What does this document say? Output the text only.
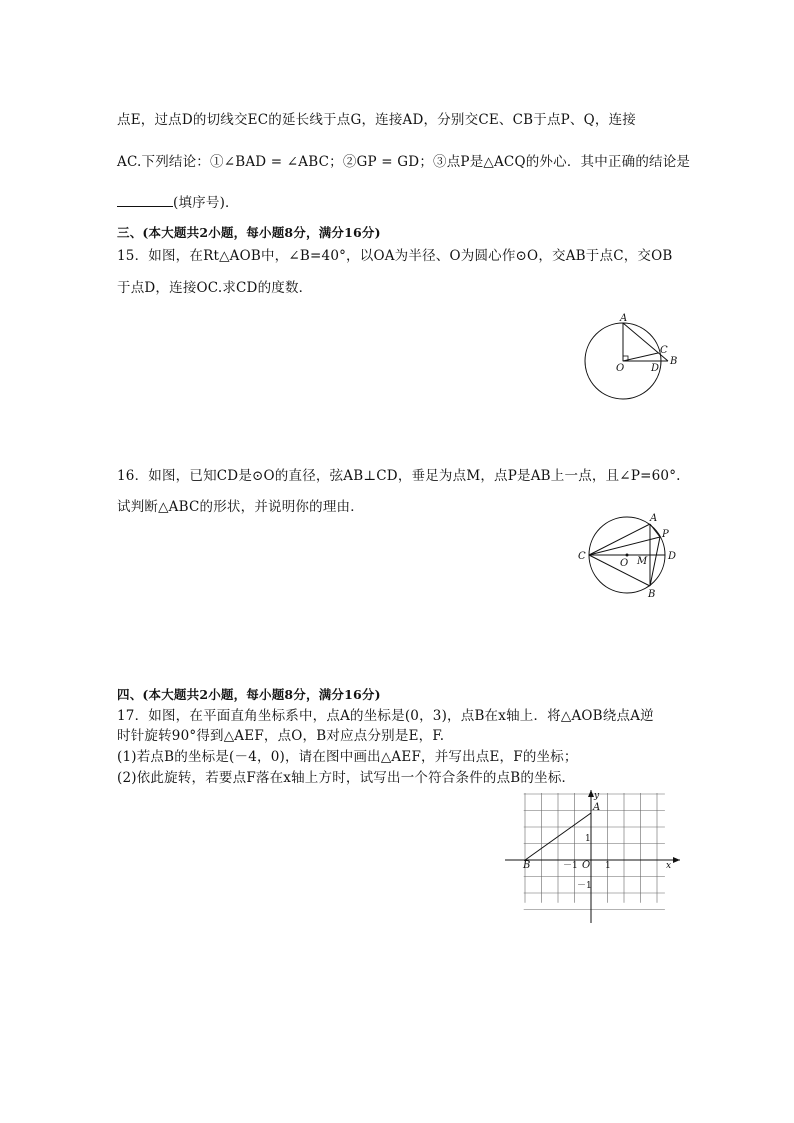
点E，过点D的切线交EC的延长线于点G，连接AD，分别交CE、CB于点P、Q，连接
AC.下列结论：①∠BAD = ∠ABC；②GP = GD；③点P是△ACQ的外心．其中正确的结论是
(填序号)．
三、(本大题共2小题，每小题8分，满分16分)
15．如图，在Rt△AOB中，∠B=40°，以OA为半径、O为圆心作⊙O，交AB于点C，交OB
于点D，连接OC.求CD的度数．
A
C
B
O	D
16．如图，已知CD是⊙O的直径，弦AB⊥CD，垂足为点M，点P是AB上一点，且∠P=60°.
试判断△ABC的形状，并说明你的理由．
A
P
C
O M D
B
四、(本大题共2小题，每小题8分，满分16分)
17．如图，在平面直角坐标系中，点A的坐标是(0，3)，点B在x轴上．将△AOB绕点A逆
时针旋转90°得到△AEF，点O，B对应点分别是E，F.
(1)若点B的坐标是(－4，0)，请在图中画出△AEF，并写出点E，F的坐标；
(2)依此旋转，若要点F落在x轴上方时，试写出一个符合条件的点B的坐标．
y
A
1
B	－1 O 1	x
－1
